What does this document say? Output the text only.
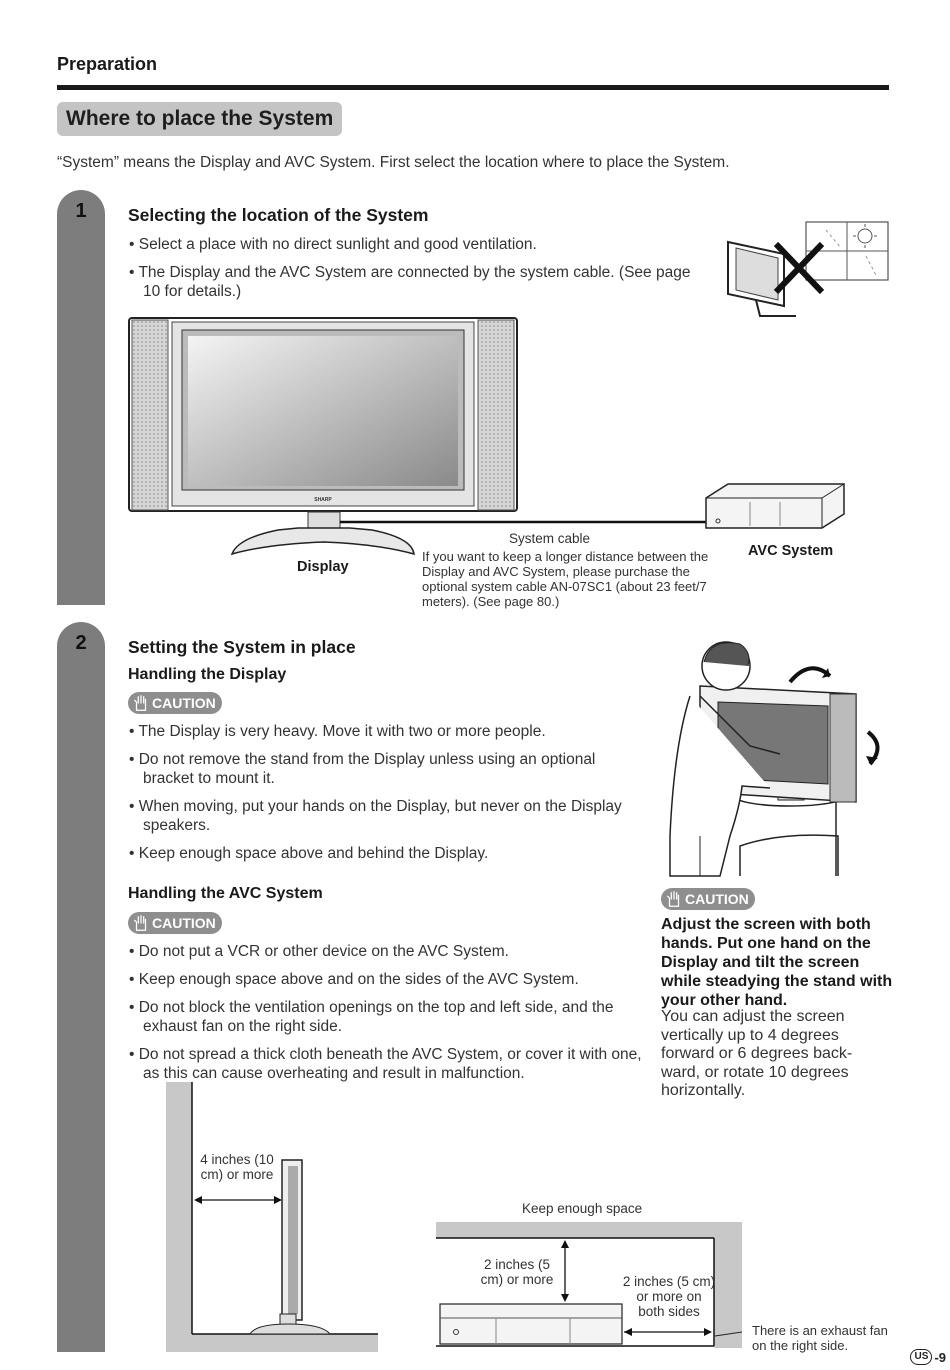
Preparation
Where to place the System
“System” means the Display and AVC System. First select the location where to place the System.
1	Selecting the location of the System
• Select a place with no direct sunlight and good ventilation.
• The Display and the AVC System are connected by the system cable. (See page 10 for details.)
SHARP
System cable
If you want to keep a longer distance between the Display and AVC System, please purchase the optional system cable AN-07SC1 (about 23 feet/7 meters). (See page 80.)
Display
AVC System
2	Setting the System in place
Handling the Display
CAUTION
• The Display is very heavy. Move it with two or more people.
• Do not remove the stand from the Display unless using an optional bracket to mount it.
• When moving, put your hands on the Display, but never on the Display speakers.
• Keep enough space above and behind the Display.
Handling the AVC System
CAUTION
• Do not put a VCR or other device on the AVC System.
• Keep enough space above and on the sides of the AVC System.
• Do not block the ventilation openings on the top and left side, and the exhaust fan on the right side.
• Do not spread a thick cloth beneath the AVC System, or cover it with one, as this can cause overheating and result in malfunction.
CAUTION
Adjust the screen with both hands. Put one hand on the Display and tilt the screen while steadying the stand with your other hand.
You can adjust the screen vertically up to 4 degrees forward or 6 degrees back-ward, or rotate 10 degrees horizontally.
4 inches (10 cm) or more
Keep enough space
2 inches (5 cm) or more	2 inches (5 cm) or more on both sides
There is an exhaust fan on the right side.
US -9
